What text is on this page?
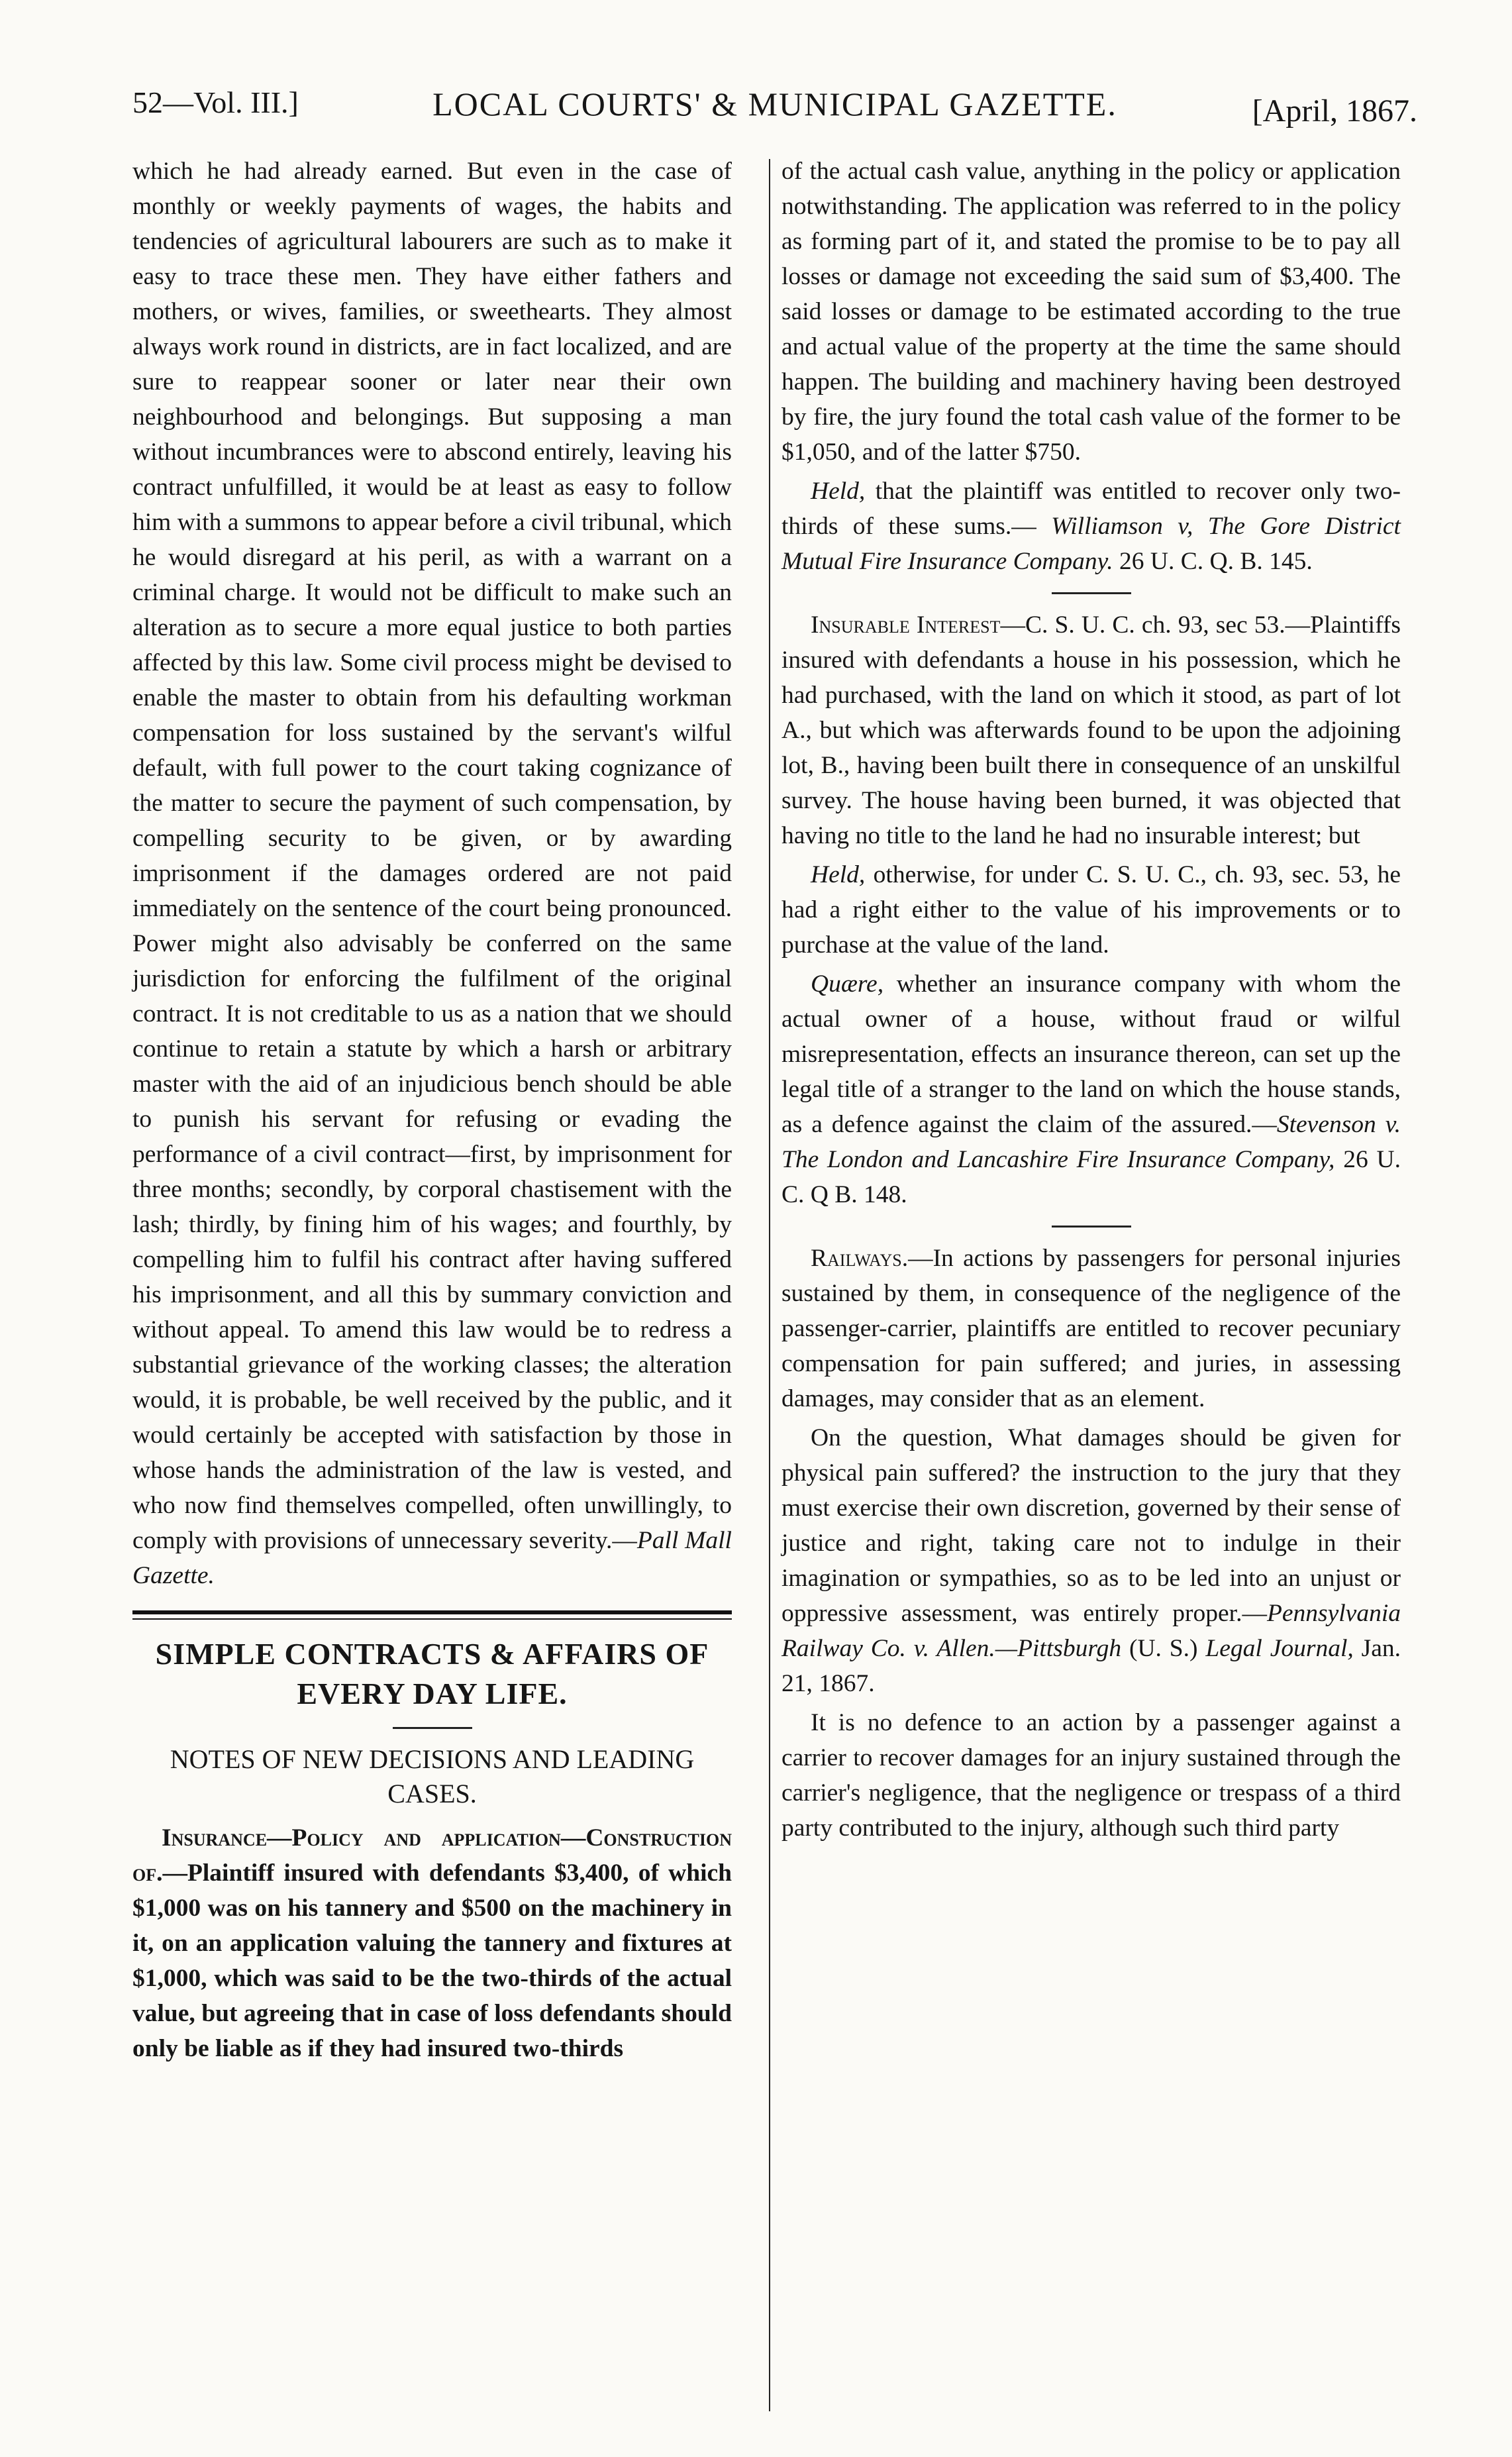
52—Vol. III.]	LOCAL COURTS' & MUNICIPAL GAZETTE.	[April, 1867.

which he had already earned. But even in the case of monthly or weekly payments of wages, the habits and tendencies of agricultural labourers are such as to make it easy to trace these men. They have either fathers and mothers, or wives, families, or sweethearts. They almost always work round in districts, are in fact localized, and are sure to reappear sooner or later near their own neighbourhood and belongings. But supposing a man without incumbrances were to abscond entirely, leaving his contract unfulfilled, it would be at least as easy to follow him with a summons to appear before a civil tribunal, which he would disregard at his peril, as with a warrant on a criminal charge. It would not be difficult to make such an alteration as to secure a more equal justice to both parties affected by this law. Some civil process might be devised to enable the master to obtain from his defaulting workman compensation for loss sustained by the servant's wilful default, with full power to the court taking cognizance of the matter to secure the payment of such compensation, by compelling security to be given, or by awarding imprisonment if the damages ordered are not paid immediately on the sentence of the court being pronounced. Power might also advisably be conferred on the same jurisdiction for enforcing the fulfilment of the original contract. It is not creditable to us as a nation that we should continue to retain a statute by which a harsh or arbitrary master with the aid of an injudicious bench should be able to punish his servant for refusing or evading the performance of a civil contract—first, by imprisonment for three months; secondly, by corporal chastisement with the lash; thirdly, by fining him of his wages; and fourthly, by compelling him to fulfil his contract after having suffered his imprisonment, and all this by summary conviction and without appeal. To amend this law would be to redress a substantial grievance of the working classes; the alteration would, it is probable, be well received by the public, and it would certainly be accepted with satisfaction by those in whose hands the administration of the law is vested, and who now find themselves compelled, often unwillingly, to comply with provisions of unnecessary severity.—Pall Mall Gazette.

SIMPLE CONTRACTS & AFFAIRS OF EVERY DAY LIFE.
NOTES OF NEW DECISIONS AND LEADING CASES.

Insurance—Policy and application—Construction of.—Plaintiff insured with defendants $3,400, of which $1,000 was on his tannery and $500 on the machinery in it, on an application valuing the tannery and fixtures at $1,000, which was said to be the two-thirds of the actual value, but agreeing that in case of loss defendants should only be liable as if they had insured two-thirds

of the actual cash value, anything in the policy or application notwithstanding. The application was referred to in the policy as forming part of it, and stated the promise to be to pay all losses or damage not exceeding the said sum of $3,400. The said losses or damage to be estimated according to the true and actual value of the property at the time the same should happen. The building and machinery having been destroyed by fire, the jury found the total cash value of the former to be $1,050, and of the latter $750.

Held, that the plaintiff was entitled to recover only two-thirds of these sums.— Williamson v, The Gore District Mutual Fire Insurance Company. 26 U. C. Q. B. 145.

Insurable Interest—C. S. U. C. ch. 93, sec 53.—Plaintiffs insured with defendants a house in his possession, which he had purchased, with the land on which it stood, as part of lot A., but which was afterwards found to be upon the adjoining lot, B., having been built there in consequence of an unskilful survey. The house having been burned, it was objected that having no title to the land he had no insurable interest; but

Held, otherwise, for under C. S. U. C., ch. 93, sec. 53, he had a right either to the value of his improvements or to purchase at the value of the land.

Quære, whether an insurance company with whom the actual owner of a house, without fraud or wilful misrepresentation, effects an insurance thereon, can set up the legal title of a stranger to the land on which the house stands, as a defence against the claim of the assured.—Stevenson v. The London and Lancashire Fire Insurance Company, 26 U. C. Q B. 148.

Railways.—In actions by passengers for personal injuries sustained by them, in consequence of the negligence of the passenger-carrier, plaintiffs are entitled to recover pecuniary compensation for pain suffered; and juries, in assessing damages, may consider that as an element.

On the question, What damages should be given for physical pain suffered? the instruction to the jury that they must exercise their own discretion, governed by their sense of justice and right, taking care not to indulge in their imagination or sympathies, so as to be led into an unjust or oppressive assessment, was entirely proper.—Pennsylvania Railway Co. v. Allen.—Pittsburgh (U. S.) Legal Journal, Jan. 21, 1867.

It is no defence to an action by a passenger against a carrier to recover damages for an injury sustained through the carrier's negligence, that the negligence or trespass of a third party contributed to the injury, although such third party
